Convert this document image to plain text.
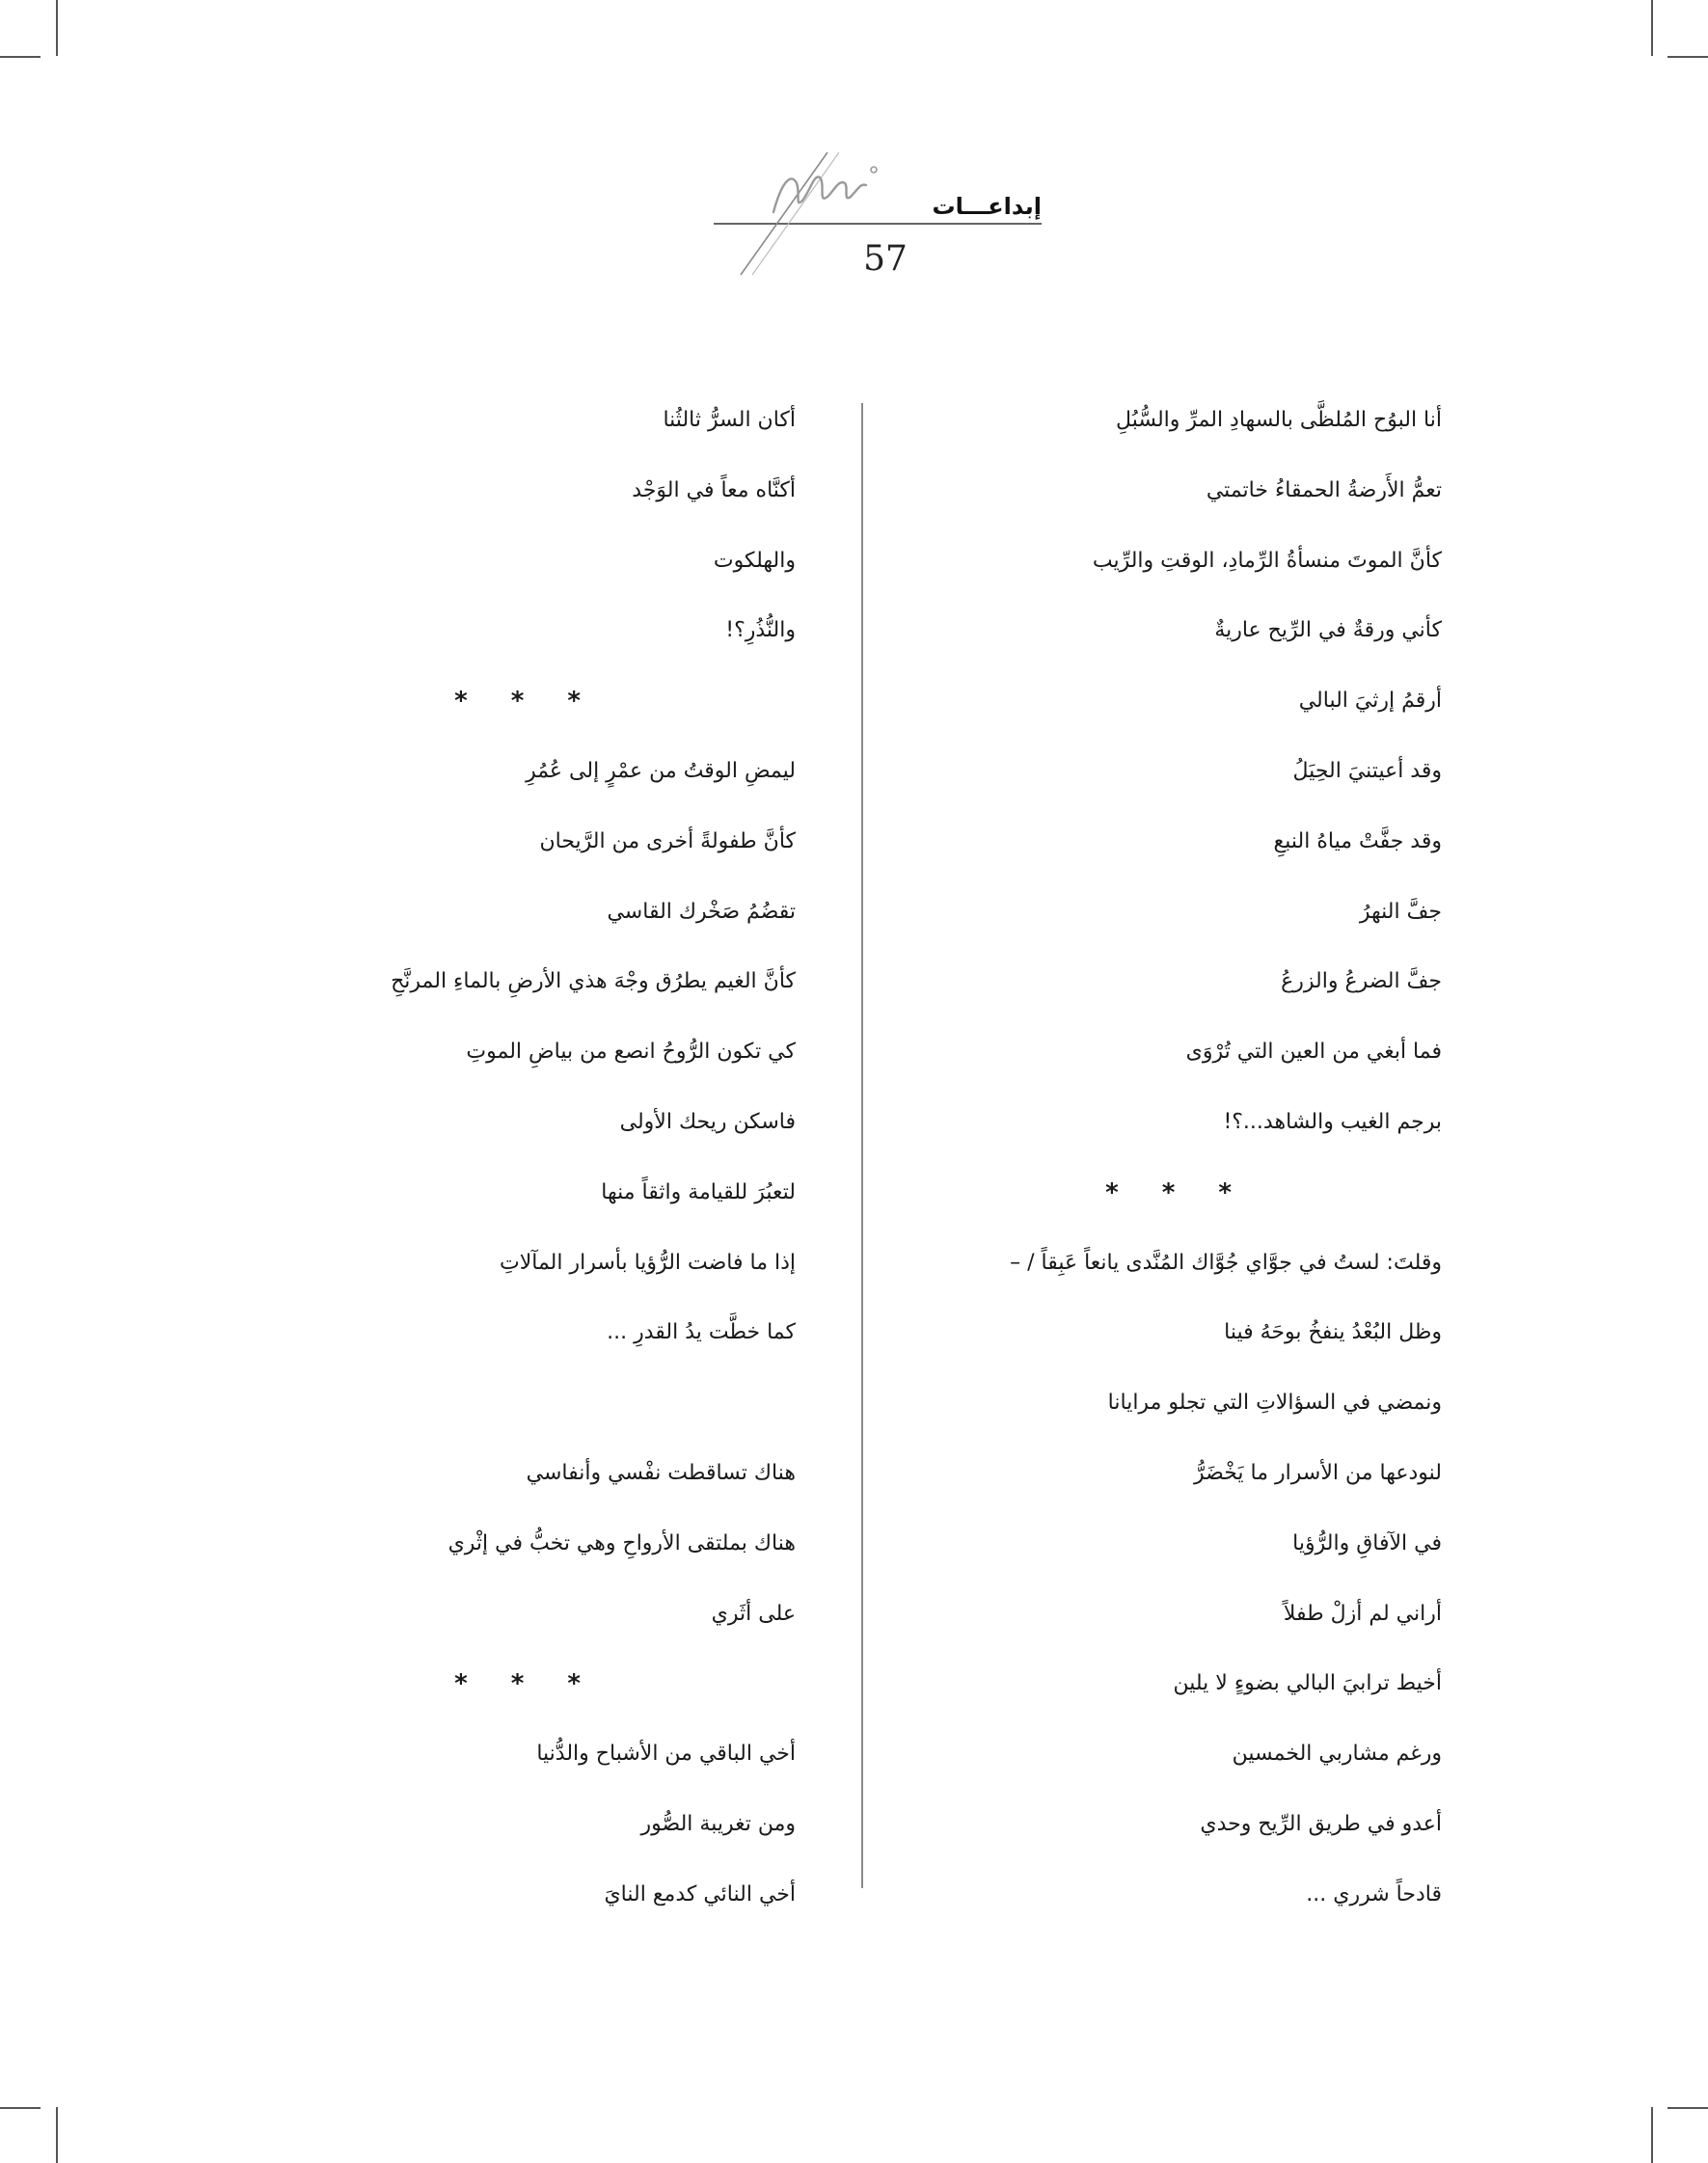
إبداعـــات
57
أنا البوُح المُلظَّى بالسهادِ المرِّ والسُّبُلِ
تعمُّ الأَرضةُ الحمقاءُ خاتمتي
كأنَّ الموتَ منسأةُ الرِّمادِ، الوقتِ والرِّيب
كأني ورقةٌ في الرِّيح عاريةٌ
أرقمُ إرثيَ البالي
وقد أعيتنيَ الحِيَلُ
وقد جفَّتْ مياهُ النبعِ
جفَّ النهرُ
جفَّ الضرعُ والزرعُ
فما أبغي من العين التي تُرْوَى
برجم الغيب والشاهد...؟!
* * *
وقلتَ: لستُ في جوَّاي جُوَّاك المُنَّدى يانعاً عَبِقاً / –
وظل البُعْدُ ينفخُ بوحَهُ فينا
ونمضي في السؤالاتِ التي تجلو مرايانا
لنودعها من الأسرار ما يَخْضَرُّ
في الآفاقِ والرُّؤيا
أراني لم أزلْ طفلاً
أخيط ترابيَ البالي بضوءٍ لا يلين
ورغم مشاربي الخمسين
أعدو في طريق الرِّيح وحدي
قادحاً شرري ...
أكان السرُّ ثالثُنا
أكنَّاه معاً في الوَجْد
والهلكوت
والنُّذُرِ؟!
* * *
ليمضِ الوقتُ من عمْرٍ إلى عُمُرِ
كأنَّ طفولةً أخرى من الرَّيحان
تقضُمُ صَخْرك القاسي
كأنَّ الغيم يطرُق وجْهَ هذي الأرضِ بالماءِ المرنَّحِ
كي تكون الرُّوحُ انصع من بياضِ الموتِ
فاسكن ريحك الأولى
لتعبُرَ للقيامة واثقاً منها
إذا ما فاضت الرُّؤيا بأسرار المآلاتِ
كما خطَّت يدُ القدرِ ...
هناك تساقطت نفْسي وأنفاسي
هناك بملتقى الأرواحِ وهي تخبُّ في إثْري
على أثَري
* * *
أخي الباقي من الأشباح والدُّنيا
ومن تغريبة الصُّور
أخي النائي كدمع النايَ
